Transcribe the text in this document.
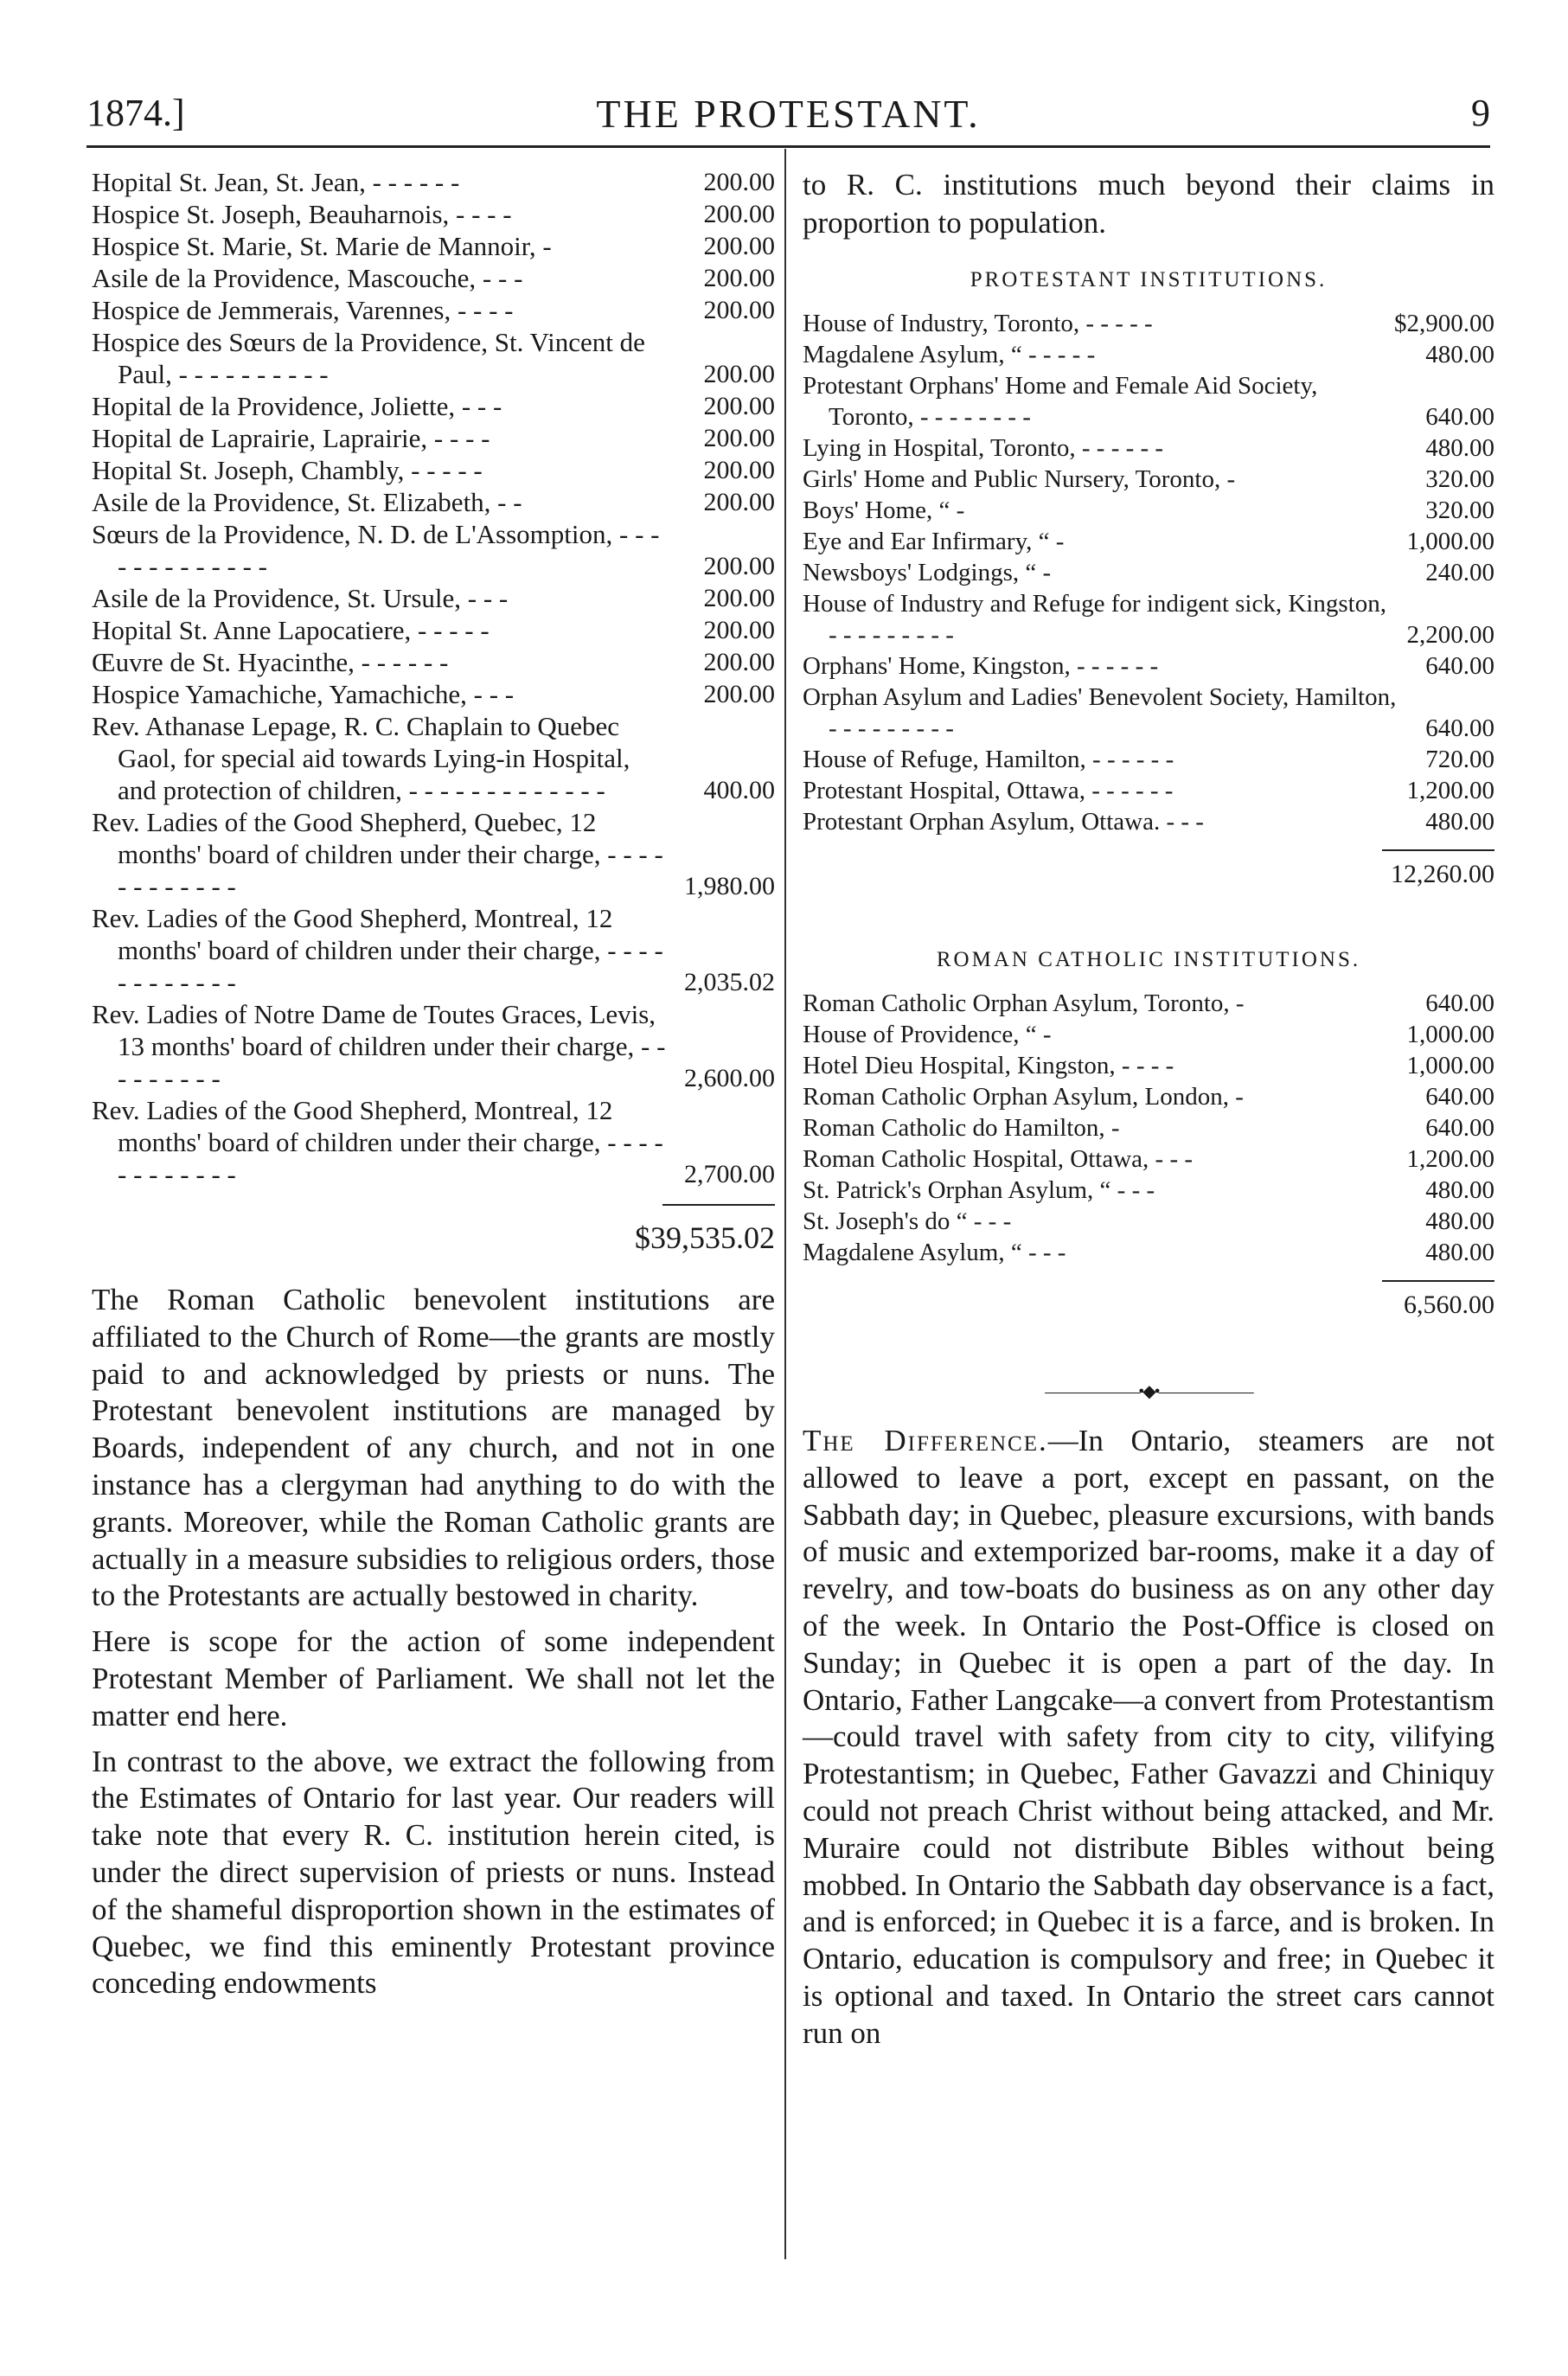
1874.]	THE PROTESTANT.	9
Hopital St. Jean, St. Jean, - - - - - -	200.00
Hospice St. Joseph, Beauharnois, - - - -	200.00
Hospice St. Marie, St. Marie de Mannoir, -	200.00
Asile de la Providence, Mascouche, - - -	200.00
Hospice de Jemmerais, Varennes, - - - -	200.00
Hospice des Sœurs de la Providence, St. Vincent de Paul, - - - - - - - - - -	200.00
Hopital de la Providence, Joliette, - - -	200.00
Hopital de Laprairie, Laprairie, - - - -	200.00
Hopital St. Joseph, Chambly, - - - - -	200.00
Asile de la Providence, St. Elizabeth, - -	200.00
Sœurs de la Providence, N. D. de L'Assomption, - - - - - - - - - - - - -	200.00
Asile de la Providence, St. Ursule, - - -	200.00
Hopital St. Anne Lapocatiere, - - - - -	200.00
Œuvre de St. Hyacinthe, - - - - - -	200.00
Hospice Yamachiche, Yamachiche, - - -	200.00
Rev. Athanase Lepage, R. C. Chaplain to Quebec Gaol, for special aid towards Lying-in Hospital, and protection of children, - - - - - - - - - - - - -	400.00
Rev. Ladies of the Good Shepherd, Quebec, 12 months' board of children under their charge, - - - - - - - - - - - -	1,980.00
Rev. Ladies of the Good Shepherd, Montreal, 12 months' board of children under their charge, - - - - - - - - - - - -	2,035.02
Rev. Ladies of Notre Dame de Toutes Graces, Levis, 13 months' board of children under their charge, - - - - - - - - -	2,600.00
Rev. Ladies of the Good Shepherd, Montreal, 12 months' board of children under their charge, - - - - - - - - - - - -	2,700.00
$39,535.02

The Roman Catholic benevolent institutions are affiliated to the Church of Rome—the grants are mostly paid to and acknowledged by priests or nuns. The Protestant benevolent institutions are managed by Boards, independent of any church, and not in one instance has a clergyman had anything to do with the grants. Moreover, while the Roman Catholic grants are actually in a measure subsidies to religious orders, those to the Protestants are actually bestowed in charity.

Here is scope for the action of some independent Protestant Member of Parliament. We shall not let the matter end here.

In contrast to the above, we extract the following from the Estimates of Ontario for last year. Our readers will take note that every R. C. institution herein cited, is under the direct supervision of priests or nuns. Instead of the shameful disproportion shown in the estimates of Quebec, we find this eminently Protestant province conceding endowments

to R. C. institutions much beyond their claims in proportion to population.

PROTESTANT INSTITUTIONS.
House of Industry, Toronto, - - - - -	$2,900.00
Magdalene Asylum, “ - - - - -	480.00
Protestant Orphans' Home and Female Aid Society, Toronto, - - - - - - - -	640.00
Lying in Hospital, Toronto, - - - - - -	480.00
Girls' Home and Public Nursery, Toronto, -	320.00
Boys' Home, “ -	320.00
Eye and Ear Infirmary, “ -	1,000.00
Newsboys' Lodgings, “ -	240.00
House of Industry and Refuge for indigent sick, Kingston, - - - - - - - - -	2,200.00
Orphans' Home, Kingston, - - - - - -	640.00
Orphan Asylum and Ladies' Benevolent Society, Hamilton, - - - - - - - - -	640.00
House of Refuge, Hamilton, - - - - - -	720.00
Protestant Hospital, Ottawa, - - - - - -	1,200.00
Protestant Orphan Asylum, Ottawa. - - -	480.00
12,260.00
ROMAN CATHOLIC INSTITUTIONS.
Roman Catholic Orphan Asylum, Toronto, -	640.00
House of Providence, “ -	1,000.00
Hotel Dieu Hospital, Kingston, - - - -	1,000.00
Roman Catholic Orphan Asylum, London, -	640.00
Roman Catholic do Hamilton, -	640.00
Roman Catholic Hospital, Ottawa, - - -	1,200.00
St. Patrick's Orphan Asylum, “ - - -	480.00
St. Joseph's do “ - - -	480.00
Magdalene Asylum, “ - - -	480.00
6,560.00
——————•◆•——————

The Difference.—In Ontario, steamers are not allowed to leave a port, except en passant, on the Sabbath day; in Quebec, pleasure excursions, with bands of music and extemporized bar-rooms, make it a day of revelry, and tow-boats do business as on any other day of the week. In Ontario the Post-Office is closed on Sunday; in Quebec it is open a part of the day. In Ontario, Father Langcake—a convert from Protestantism—could travel with safety from city to city, vilifying Protestantism; in Quebec, Father Gavazzi and Chiniquy could not preach Christ without being attacked, and Mr. Muraire could not distribute Bibles without being mobbed. In Ontario the Sabbath day observance is a fact, and is enforced; in Quebec it is a farce, and is broken. In Ontario, education is compulsory and free; in Quebec it is optional and taxed. In Ontario the street cars cannot run on
